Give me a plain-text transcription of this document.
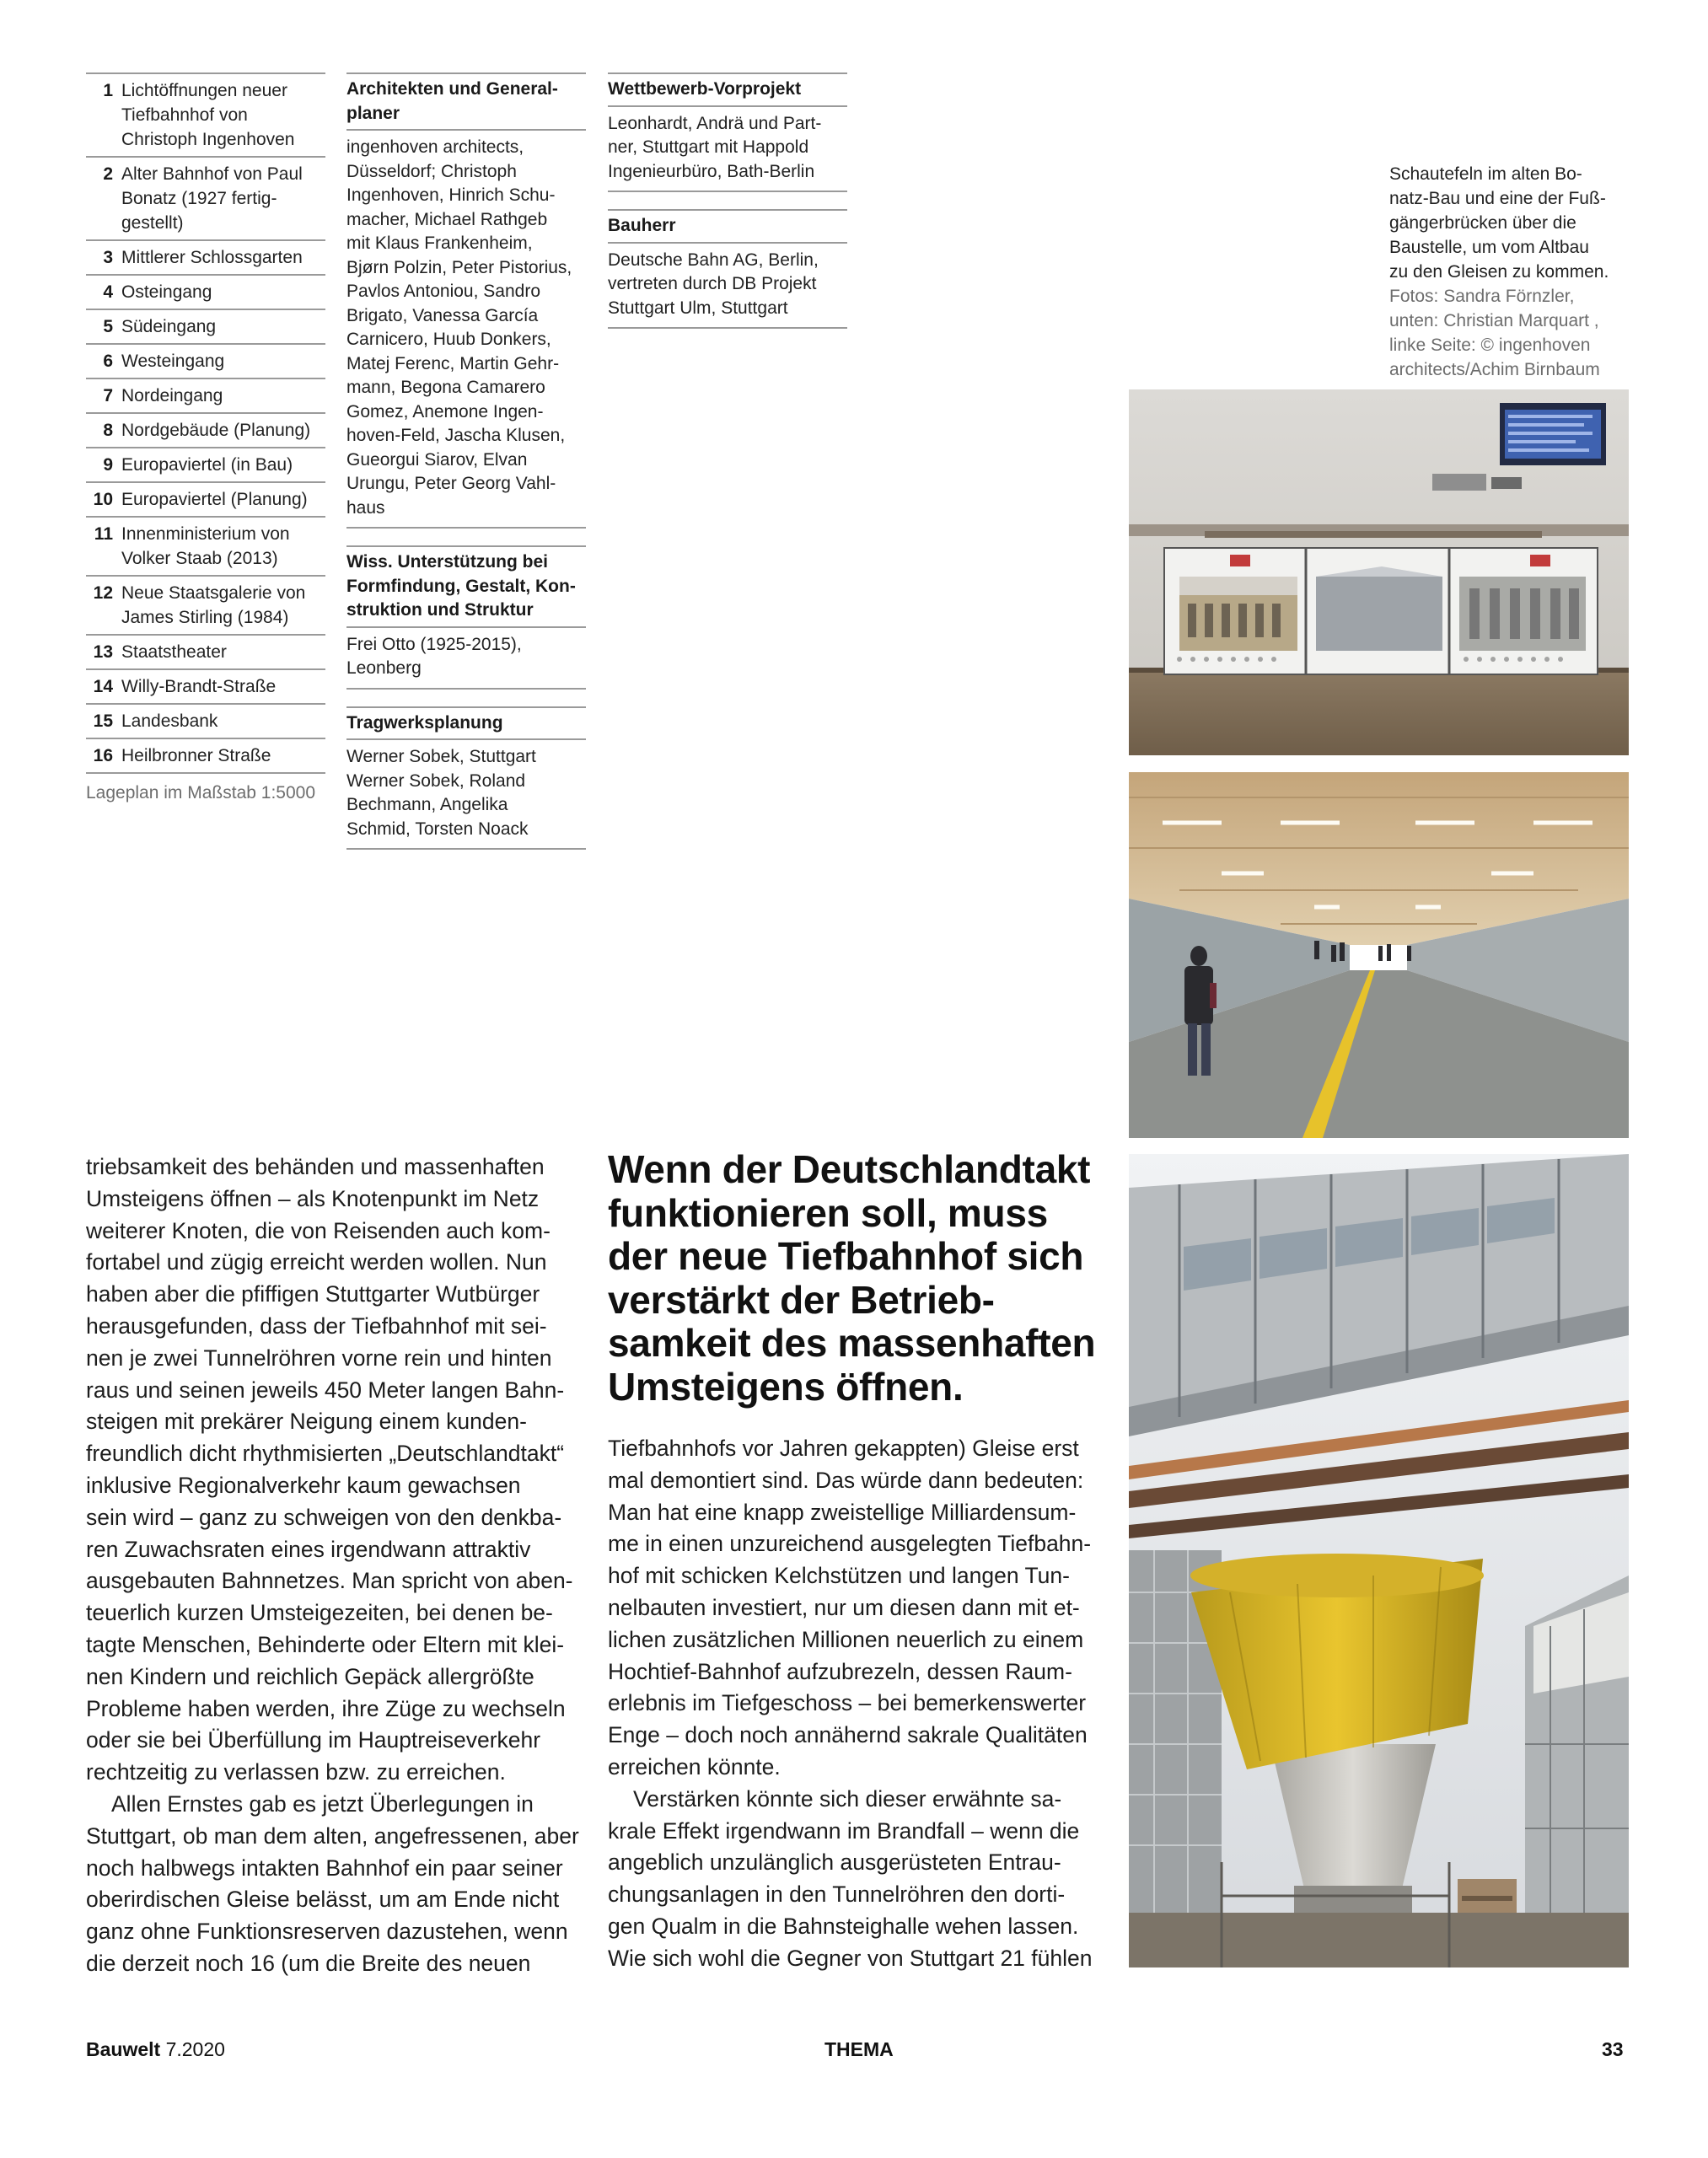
1 Lichtöffnungen neuer Tiefbahnhof von Christoph Ingenhoven
2 Alter Bahnhof von Paul Bonatz (1927 fertig-gestellt)
3 Mittlerer Schlossgarten
4 Osteingang
5 Südeingang
6 Westeingang
7 Nordeingang
8 Nordgebäude (Planung)
9 Europaviertel (in Bau)
10 Europaviertel (Planung)
11 Innenministerium von Volker Staab (2013)
12 Neue Staatsgalerie von James Stirling (1984)
13 Staatstheater
14 Willy-Brandt-Straße
15 Landesbank
16 Heilbronner Straße
Lageplan im Maßstab 1:5000
Architekten und General-
planer
ingenhoven architects,
Düsseldorf; Christoph
Ingenhoven, Hinrich Schu-
macher, Michael Rathgeb
mit Klaus Frankenheim,
Bjørn Polzin, Peter Pistorius,
Pavlos Antoniou, Sandro
Brigato, Vanessa García
Carnicero, Huub Donkers,
Matej Ferenc, Martin Gehr-
mann, Begona Camarero
Gomez, Anemone Ingen-
hoven-Feld, Jascha Klusen,
Gueorgui Siarov, Elvan
Urungu, Peter Georg Vahl-
haus
Wiss. Unterstützung bei
Formfindung, Gestalt, Kon-
struktion und Struktur
Frei Otto (1925-2015),
Leonberg
Tragwerksplanung
Werner Sobek, Stuttgart
Werner Sobek, Roland
Bechmann, Angelika
Schmid, Torsten Noack
Wettbewerb-Vorprojekt
Leonhardt, Andrä und Part-
ner, Stuttgart mit Happold
Ingenieurbüro, Bath-Berlin
Bauherr
Deutsche Bahn AG, Berlin,
vertreten durch DB Projekt
Stuttgart Ulm, Stuttgart
Schautefeln im alten Bo-
natz-Bau und eine der Fuß-
gängerbrücken über die
Baustelle, um vom Altbau
zu den Gleisen zu kommen.
Fotos: Sandra Förnzler,
unten: Christian Marquart ,
linke Seite: © ingenhoven
architects/Achim Birnbaum

triebsamkeit des behänden und massenhaften
Umsteigens öffnen – als Knotenpunkt im Netz
weiterer Knoten, die von Reisenden auch kom-
fortabel und zügig erreicht werden wollen. Nun
haben aber die pfiffigen Stuttgarter Wutbürger
herausgefunden, dass der Tiefbahnhof mit sei-
nen je zwei Tunnelröhren vorne rein und hinten
raus und seinen jeweils 450 Meter langen Bahn-
steigen mit prekärer Neigung einem kunden-
freundlich dicht rhythmisierten „Deutschlandtakt“
inklusive Regionalverkehr kaum gewachsen
sein wird – ganz zu schweigen von den denkba-
ren Zuwachsraten eines irgendwann attraktiv
ausgebauten Bahnnetzes. Man spricht von aben-
teuerlich kurzen Umsteigezeiten, bei denen be-
tagte Menschen, Behinderte oder Eltern mit klei-
nen Kindern und reichlich Gepäck allergrößte
Probleme haben werden, ihre Züge zu wechseln
oder sie bei Überfüllung im Hauptreiseverkehr
rechtzeitig zu verlassen bzw. zu erreichen.

Allen Ernstes gab es jetzt Überlegungen in
Stuttgart, ob man dem alten, angefressenen, aber
noch halbwegs intakten Bahnhof ein paar seiner
oberirdischen Gleise belässt, um am Ende nicht
ganz ohne Funktionsreserven dazustehen, wenn
die derzeit noch 16 (um die Breite des neuen

Wenn der Deutschlandtakt
funktionieren soll, muss
der neue Tiefbahnhof sich
verstärkt der Betrieb-
samkeit des massenhaften
Umsteigens öffnen.

Tiefbahnhofs vor Jahren gekappten) Gleise erst
mal demontiert sind. Das würde dann bedeuten:
Man hat eine knapp zweistellige Milliardensum-
me in einen unzureichend ausgelegten Tiefbahn-
hof mit schicken Kelchstützen und langen Tun-
nelbauten investiert, nur um diesen dann mit et-
lichen zusätzlichen Millionen neuerlich zu einem
Hochtief-Bahnhof aufzubrezeln, dessen Raum-
erlebnis im Tiefgeschoss – bei bemerkenswerter
Enge – doch noch annähernd sakrale Qualitäten
erreichen könnte.

Verstärken könnte sich dieser erwähnte sa-
krale Effekt irgendwann im Brandfall – wenn die
angeblich unzulänglich ausgerüsteten Entrau-
chungsanlagen in den Tunnelröhren den dorti-
gen Qualm in die Bahnsteighalle wehen lassen.
Wie sich wohl die Gegner von Stuttgart 21 fühlen

Bauwelt 7.2020	THEMA	33
